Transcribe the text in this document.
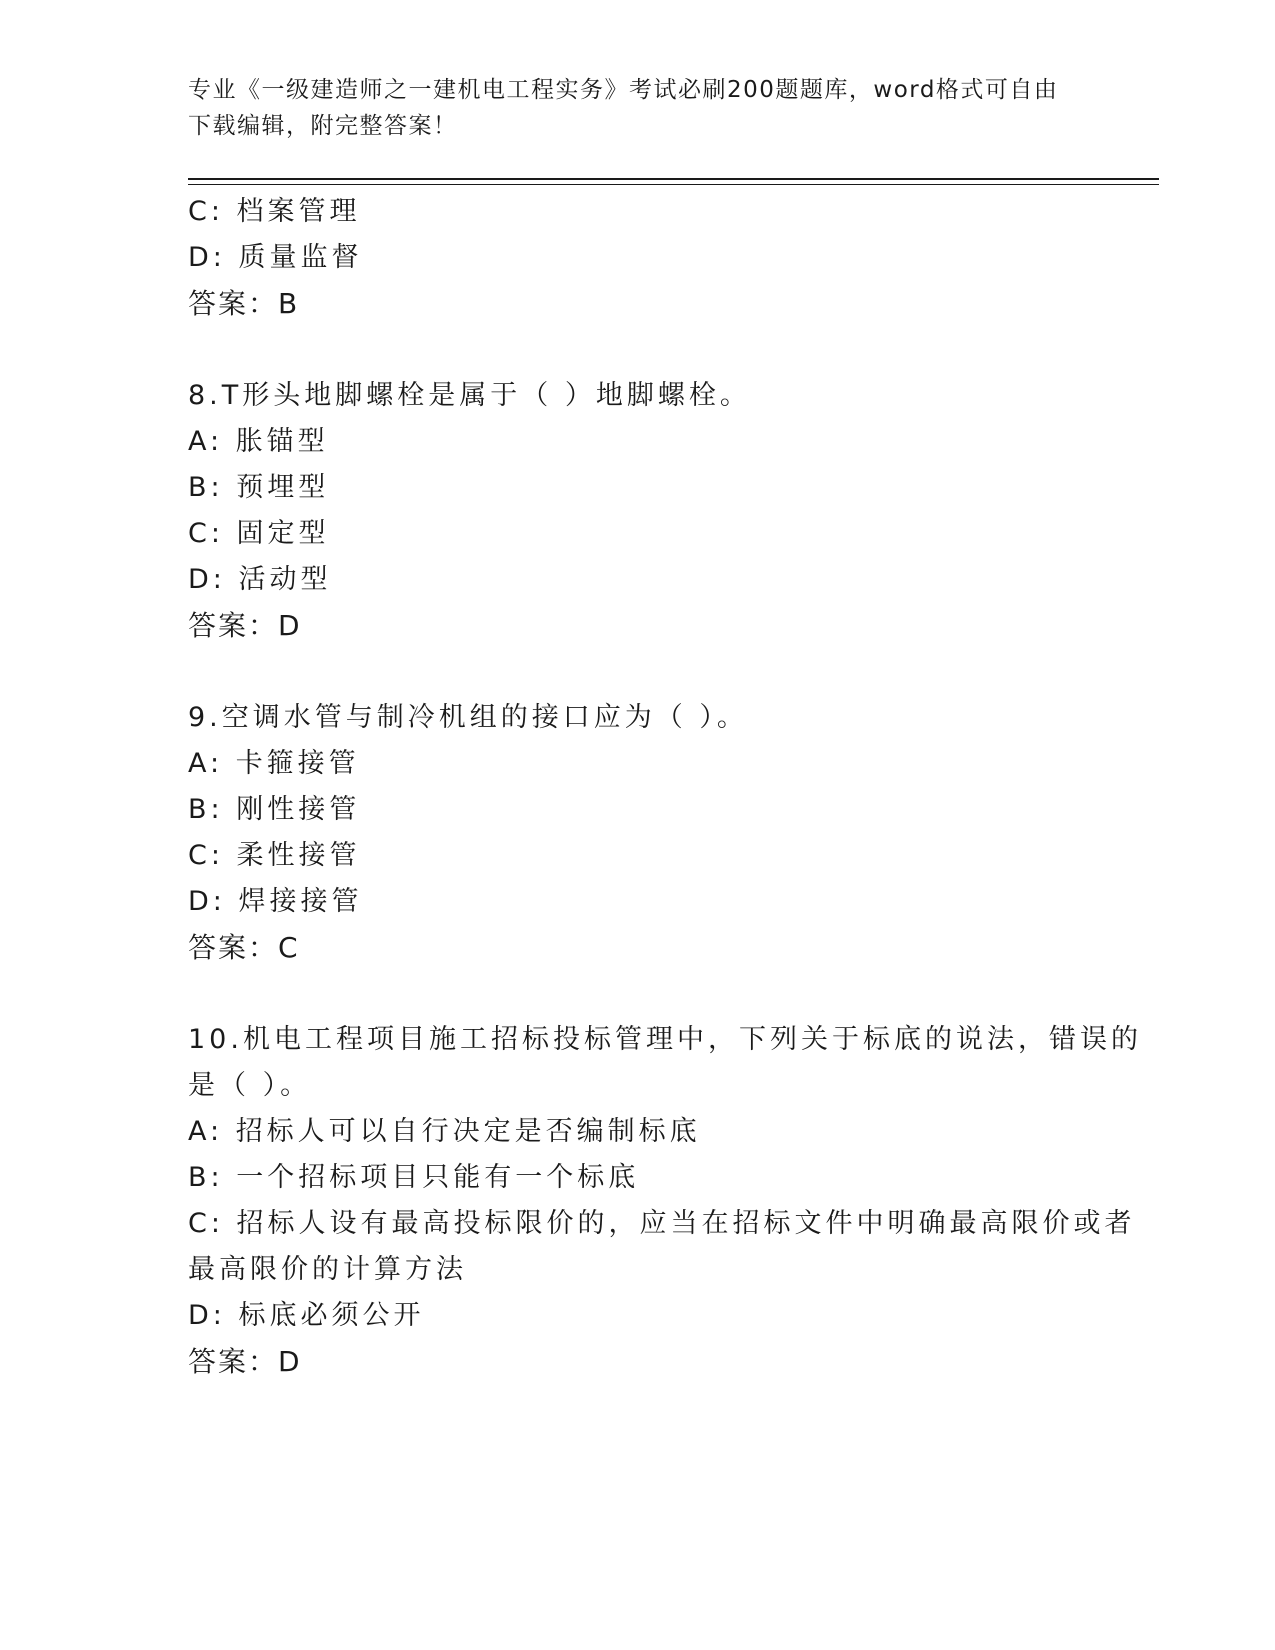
专业《一级建造师之一建机电工程实务》考试必刷200题题库，word格式可自由
下载编辑，附完整答案！
C: 档案管理
D: 质量监督
答案：B
8.T形头地脚螺栓是属于（ ）地脚螺栓。
A: 胀锚型
B: 预埋型
C: 固定型
D: 活动型
答案：D
9.空调水管与制冷机组的接口应为（ ）。
A: 卡箍接管
B: 刚性接管
C: 柔性接管
D: 焊接接管
答案：C
10.机电工程项目施工招标投标管理中，下列关于标底的说法，错误的
是（ ）。
A: 招标人可以自行决定是否编制标底
B: 一个招标项目只能有一个标底
C: 招标人设有最高投标限价的，应当在招标文件中明确最高限价或者
最高限价的计算方法
D: 标底必须公开
答案：D
